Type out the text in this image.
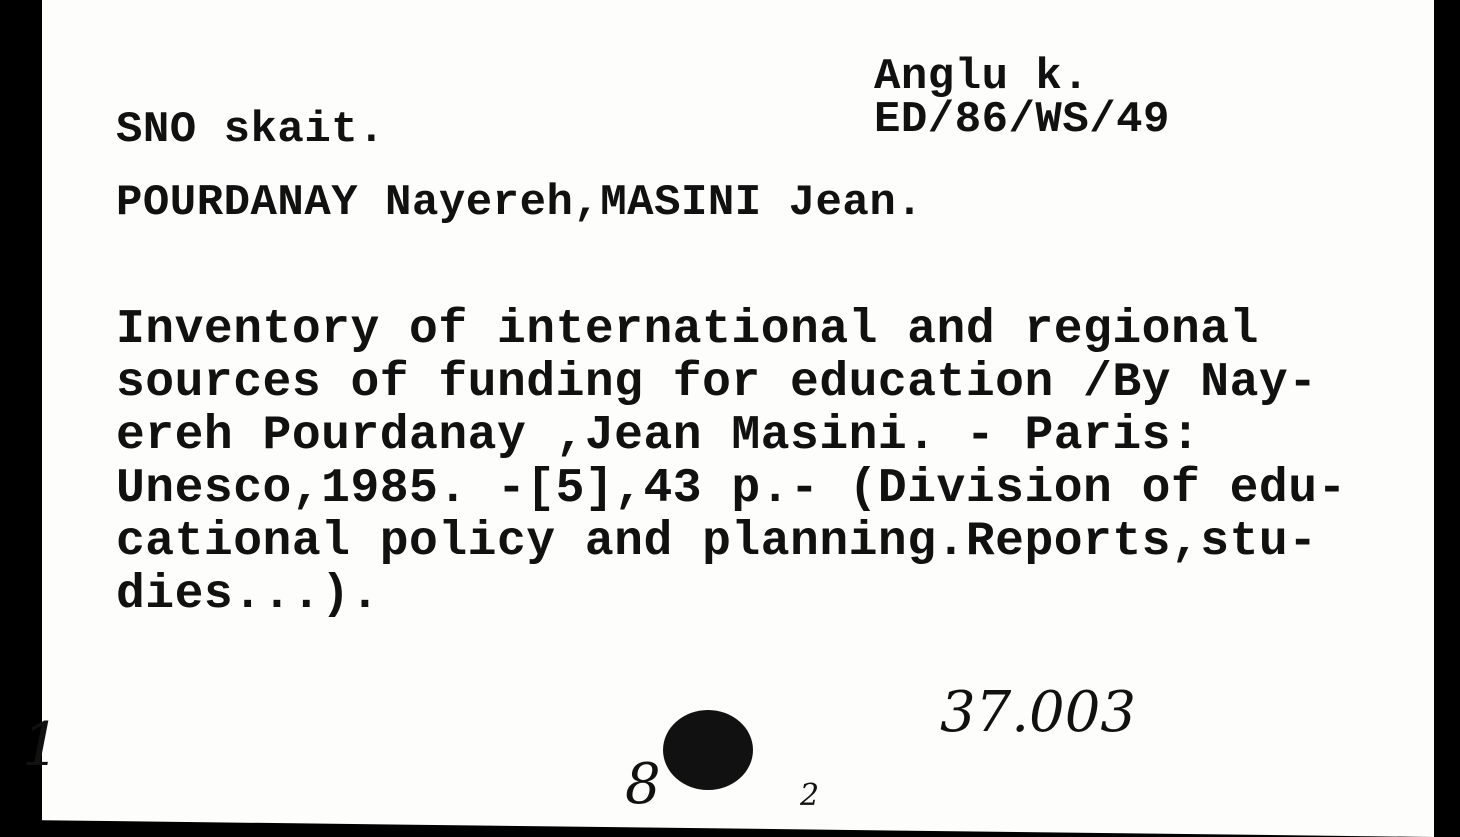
Anglu k.
ED/86/WS/49
SNO skait.
POURDANAY Nayereh,MASINI Jean.
Inventory of international and regional
sources of funding for education /By Nay-
ereh Pourdanay ,Jean Masini. - Paris:
Unesco,1985. -[5],43 p.- (Division of edu-
cational policy and planning.Reports,stu-
dies...).
37.003
8	2
1
